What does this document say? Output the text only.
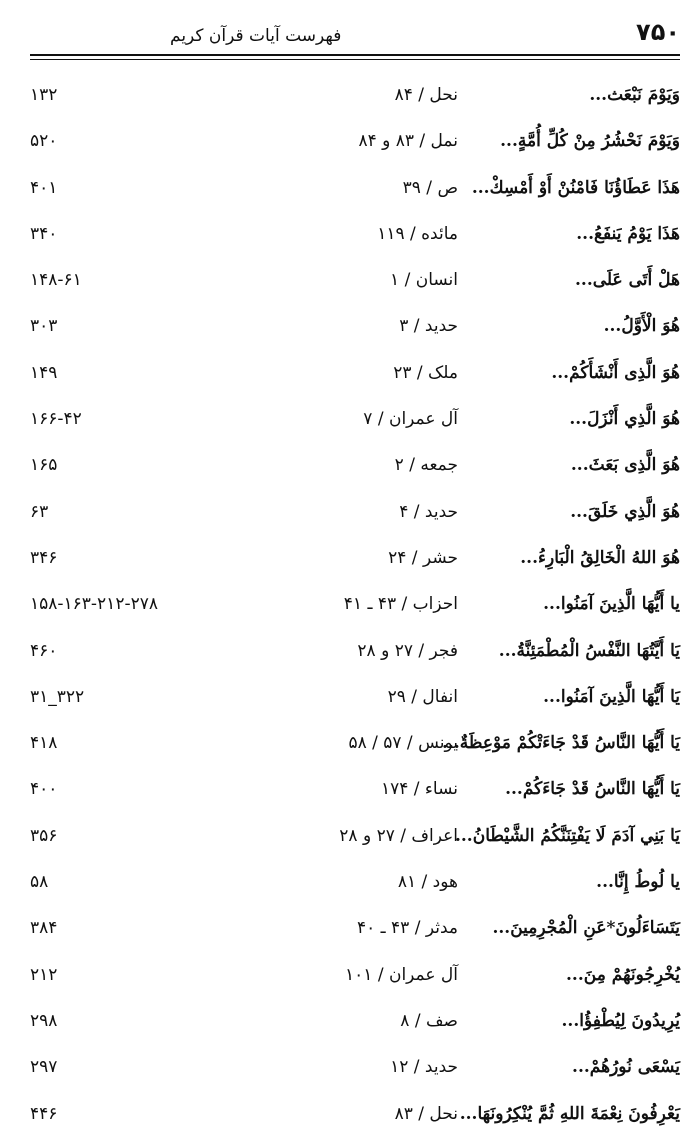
۷۵۰
فهرست آیات قرآن کریم
وَيَوْمَ نَبْعَث...
نحل / ۸۴
۱۳۲
وَيَوْمَ نَحْشُرُ مِنْ كُلِّ أُمَّةٍ...
نمل / ۸۳ و ۸۴
۵۲۰
هَذَا عَطَاؤُنَا فَامْنُنْ أَوْ أَمْسِكْ...
ص / ۳۹
۴۰۱
هَذَا يَوْمُ يَنفَعُ...
مائده / ۱۱۹
۳۴۰
هَلْ أَتَى عَلَى...
انسان / ۱
۱۴۸-۶۱
هُوَ الْأَوَّلُ...
حدید / ۳
۳۰۳
هُوَ الَّذِى أَنْشَأَكُمْ...
ملک / ۲۳
۱۴۹
هُوَ الَّذِي أَنْزَلَ...
آل عمران / ۷
۱۶۶-۴۲
هُوَ الَّذِى بَعَثَ...
جمعه / ۲
۱۶۵
هُوَ الَّذِي خَلَقَ...
حدید / ۴
۶۳
هُوَ اللهُ الْخَالِقُ الْبَارِءُ...
حشر / ۲۴
۳۴۶
يا أَيُّهَا الَّذِينَ آمَنُوا...
احزاب / ۴۳ ـ ۴۱
۱۵۸-۱۶۳-۲۱۲-۲۷۸
يَا أَيَّتُهَا النَّفْسُ الْمُطْمَئِنَّةُ...
فجر / ۲۷ و ۲۸
۴۶۰
يَا أَيُّهَا الَّذِينَ آمَنُوا...
انفال / ۲۹
۳۲۲_۳۱
يَا أَيُّهَا النَّاسُ قَدْ جَاءَتْكُمْ مَوْعِظَةٌ...
یونس / ۵۷ / ۵۸
۴۱۸
يَا أَيُّهَا النَّاسُ قَدْ جَاءَكُمْ...
نساء / ۱۷۴
۴۰۰
يَا بَنِي آدَمَ لَا يَفْتِنَنَّكُمُ الشَّيْطَانُ...
اعراف / ۲۷ و ۲۸
۳۵۶
يا لُوطُ إِنَّا...
هود / ۸۱
۵۸
يَتَسَاءَلُونَ*عَنِ الْمُجْرِمِينَ...
مدثر / ۴۳ ـ ۴۰
۳۸۴
يُخْرِجُونَهُمْ مِنَ...
آل عمران / ۱۰۱
۲۱۲
يُرِيدُونَ لِيُطْفِؤُا...
صف / ۸
۲۹۸
يَسْعَى نُورُهُمْ...
حدید / ۱۲
۲۹۷
يَعْرِفُونَ نِعْمَةَ اللهِ ثُمَّ يُنْكِرُونَهَا...
نحل / ۸۳
۴۴۶
